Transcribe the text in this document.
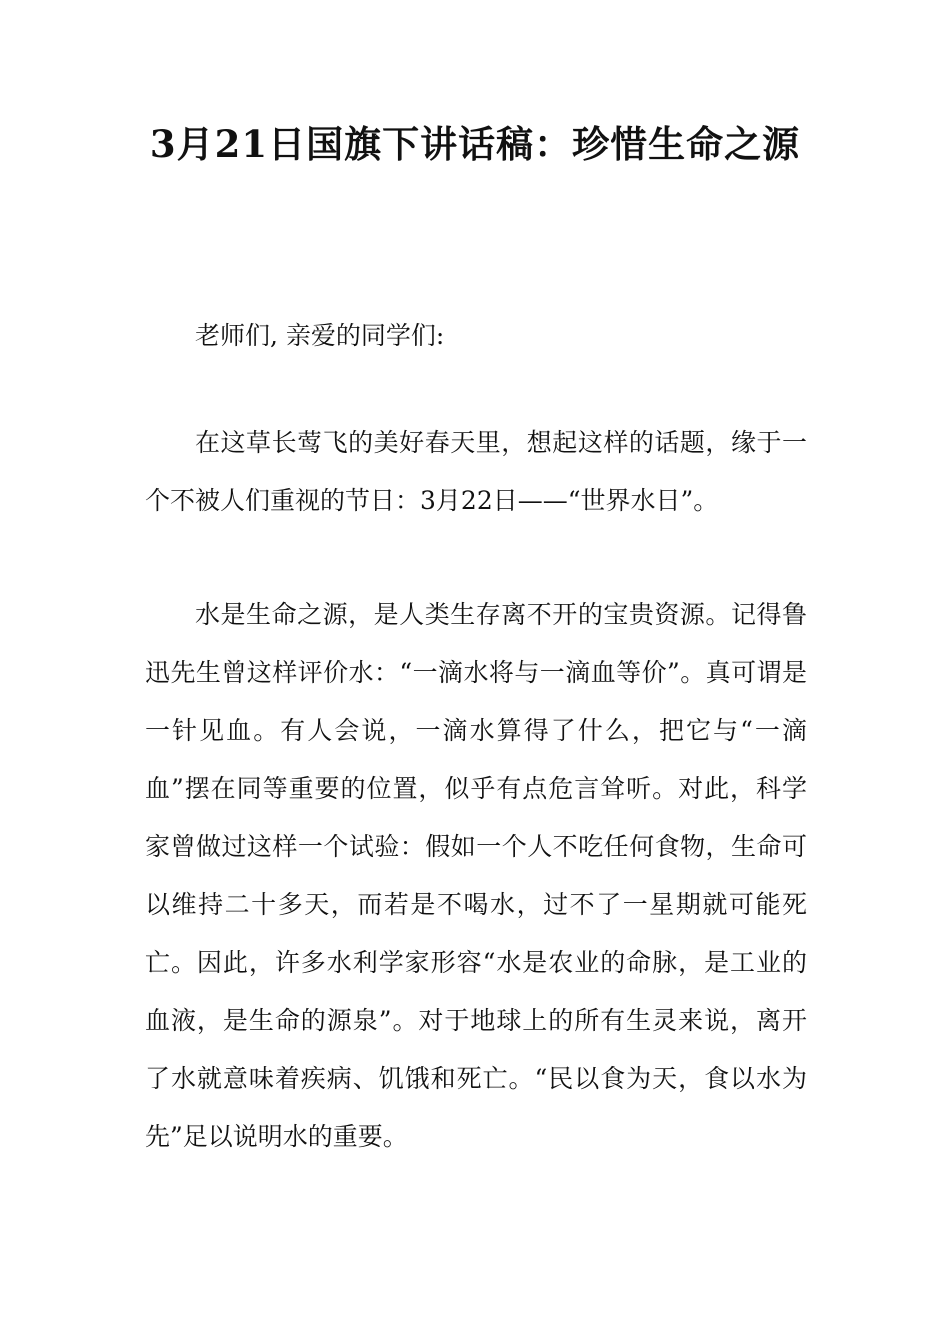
3月21日国旗下讲话稿：珍惜生命之源

老师们, 亲爱的同学们:

在这草长莺飞的美好春天里，想起这样的话题，缘于一个不被人们重视的节日：3月22日——“世界水日”。

水是生命之源，是人类生存离不开的宝贵资源。记得鲁迅先生曾这样评价水：“一滴水将与一滴血等价”。真可谓是一针见血。有人会说，一滴水算得了什么，把它与“一滴血”摆在同等重要的位置，似乎有点危言耸听。对此，科学家曾做过这样一个试验：假如一个人不吃任何食物，生命可以维持二十多天，而若是不喝水，过不了一星期就可能死亡。因此，许多水利学家形容“水是农业的命脉，是工业的血液，是生命的源泉”。对于地球上的所有生灵来说，离开了水就意味着疾病、饥饿和死亡。“民以食为天，食以水为先”足以说明水的重要。
